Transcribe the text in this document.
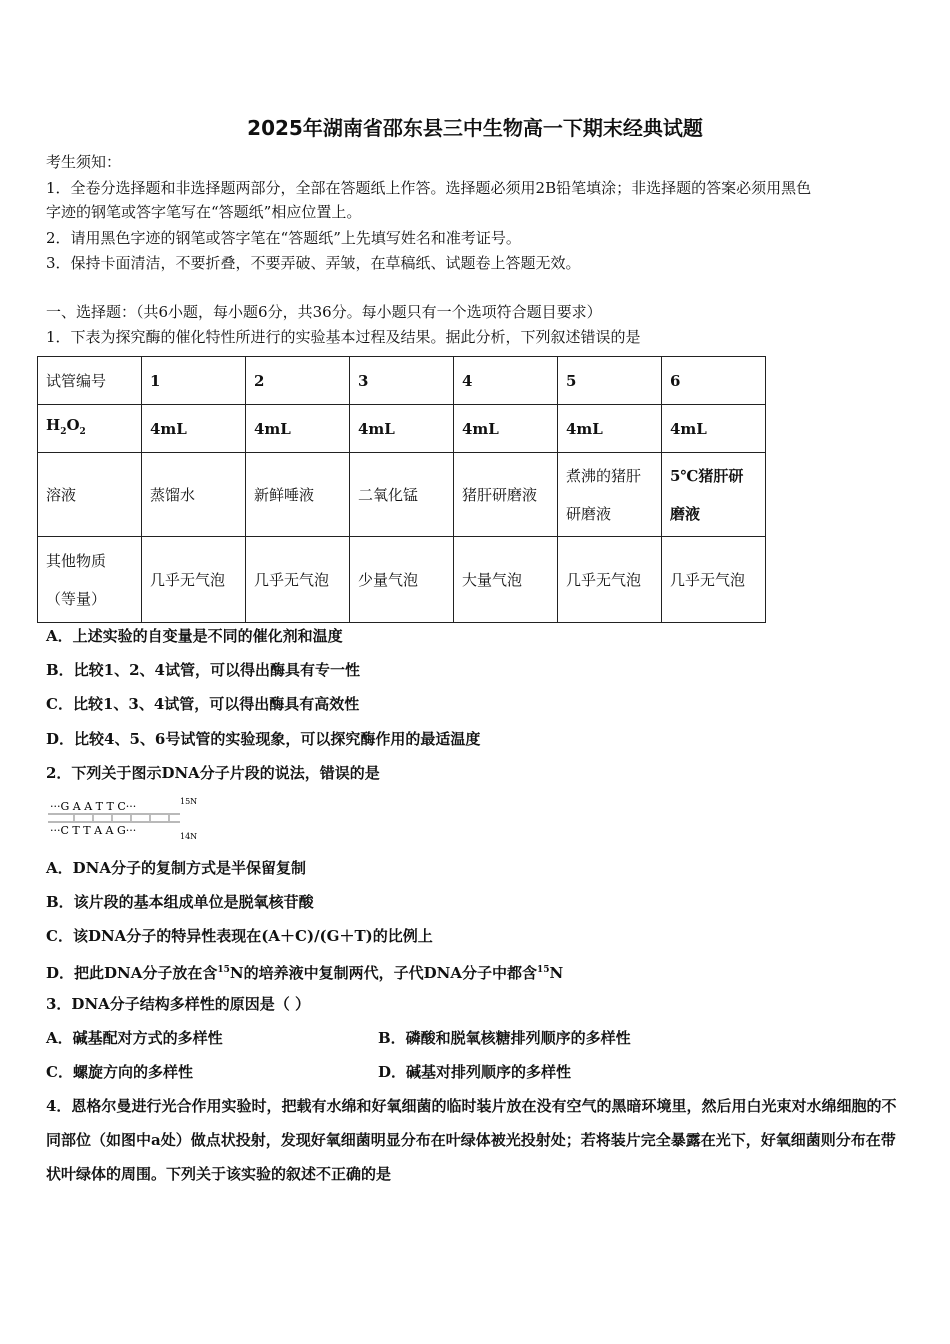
2025年湖南省邵东县三中生物高一下期末经典试题
考生须知：
1．全卷分选择题和非选择题两部分，全部在答题纸上作答。选择题必须用2B铅笔填涂；非选择题的答案必须用黑色
字迹的钢笔或答字笔写在“答题纸”相应位置上。
2．请用黑色字迹的钢笔或答字笔在“答题纸”上先填写姓名和准考证号。
3．保持卡面清洁，不要折叠，不要弄破、弄皱，在草稿纸、试题卷上答题无效。
一、选择题：（共6小题，每小题6分，共36分。每小题只有一个选项符合题目要求）
1．下表为探究酶的催化特性所进行的实验基本过程及结果。据此分析，下列叙述错误的是
试管编号	1	2	3	4	5	6
$H_2O_2$	4mL	4mL	4mL	4mL	4mL	4mL
溶液	蒸馏水	新鲜唾液	二氧化锰	猪肝研磨液	煮沸的猪肝研磨液	5℃猪肝研磨液
其他物质（等量）	几乎无气泡	几乎无气泡	少量气泡	大量气泡	几乎无气泡	几乎无气泡
A．上述实验的自变量是不同的催化剂和温度
B．比较1、2、4试管，可以得出酶具有专一性
C．比较1、3、4试管，可以得出酶具有高效性
D．比较4、5、6号试管的实验现象，可以探究酶作用的最适温度
2．下列关于图示DNA分子片段的说法，错误的是
···G A A T T C···
···C T T A A G···
15N
14N
A．DNA分子的复制方式是半保留复制
B．该片段的基本组成单位是脱氧核苷酸
C．该DNA分子的特异性表现在(A＋C)/(G＋T)的比例上
D．把此DNA分子放在含$^{15}$N的培养液中复制两代，子代DNA分子中都含$^{15}$N
3．DNA分子结构多样性的原因是（ ）
A．碱基配对方式的多样性	B．磷酸和脱氧核糖排列顺序的多样性
C．螺旋方向的多样性	D．碱基对排列顺序的多样性
4．恩格尔曼进行光合作用实验时，把载有水绵和好氧细菌的临时装片放在没有空气的黑暗环境里，然后用白光束对水绵细胞的不同部位（如图中a处）做点状投射，发现好氧细菌明显分布在叶绿体被光投射处；若将装片完全暴露在光下，好氧细菌则分布在带状叶绿体的周围。下列关于该实验的叙述不正确的是
